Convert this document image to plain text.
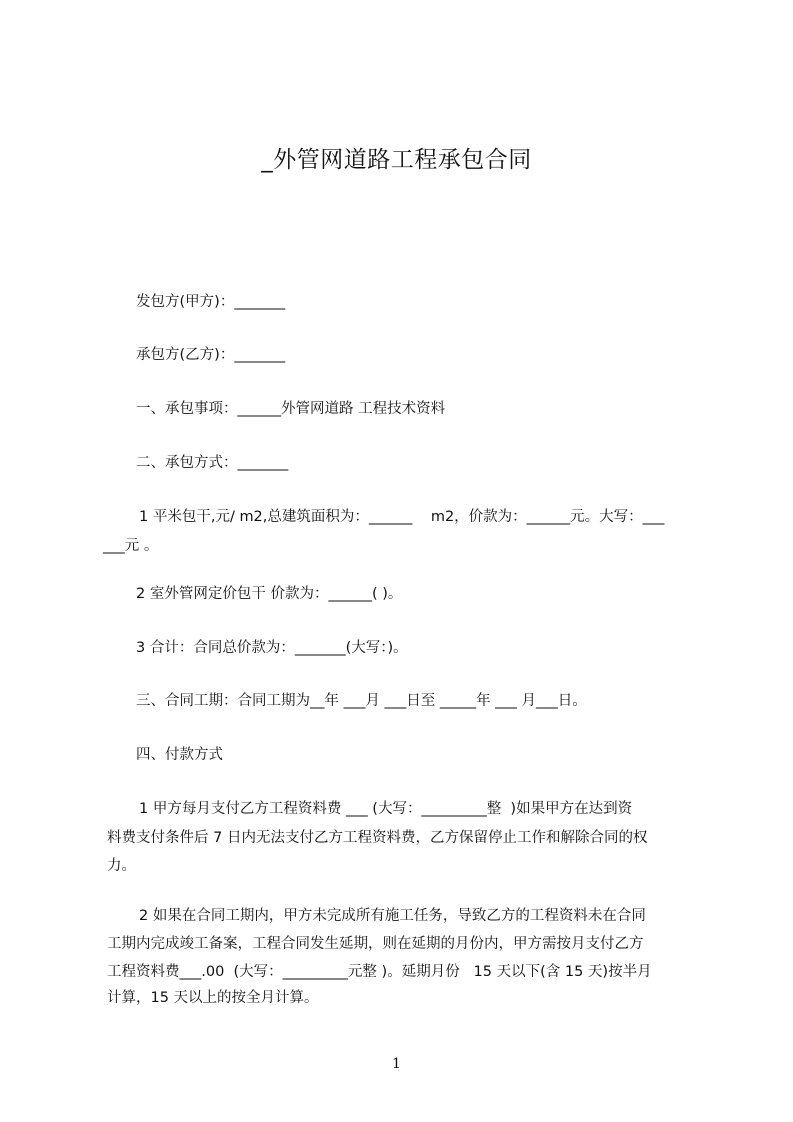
_外管网道路工程承包合同
发包方(甲方)：_______
承包方(乙方)：_______
一、承包事项：______外管网道路 工程技术资料
二、承包方式：_______
1 平米包干,元/ m2,总建筑面积为：______    m2，价款为：______元。大写：___
___元 。
2 室外管网定价包干 价款为：______( )。
3 合计：合同总价款为：_______(大写：)。
三、合同工期：合同工期为__年 ___月 ___日至 _____年 ___ 月___日。
四、付款方式
1 甲方每月支付乙方工程资料费 ___ (大写：_________整  )如果甲方在达到资
料费支付条件后 7 日内无法支付乙方工程资料费，乙方保留停止工作和解除合同的权
力。
2 如果在合同工期内，甲方未完成所有施工任务，导致乙方的工程资料未在合同
工期内完成竣工备案，工程合同发生延期，则在延期的月份内，甲方需按月支付乙方
工程资料费___.00  (大写：_________元整 )。延期月份   15 天以下(含 15 天)按半月
计算，15 天以上的按全月计算。
1
